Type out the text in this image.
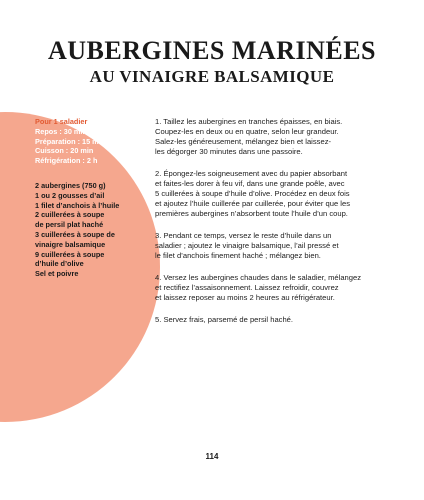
AUBERGINES MARINÉES
AU VINAIGRE BALSAMIQUE
Pour 1 saladier
Repos : 30 min
Préparation : 15 min
Cuisson : 20 min
Réfrigération : 2 h
2 aubergines (750 g)
1 ou 2 gousses d’ail
1 filet d’anchois à l’huile
2 cuillerées à soupe
de persil plat haché
3 cuillerées à soupe de
vinaigre balsamique
9 cuillerées à soupe
d’huile d’olive
Sel et poivre
1. Taillez les aubergines en tranches épaisses, en biais.
Coupez-les en deux ou en quatre, selon leur grandeur.
Salez-les généreusement, mélangez bien et laissez-
les dégorger 30 minutes dans une passoire.
2. Épongez-les soigneusement avec du papier absorbant
et faites-les dorer à feu vif, dans une grande poêle, avec
5 cuillerées à soupe d’huile d’olive. Procédez en deux fois
et ajoutez l’huile cuillerée par cuillerée, pour éviter que les
premières aubergines n’absorbent toute l’huile d’un coup.
3. Pendant ce temps, versez le reste d’huile dans un
saladier ; ajoutez le vinaigre balsamique, l’ail pressé et
le filet d’anchois finement haché ; mélangez bien.
4. Versez les aubergines chaudes dans le saladier, mélangez
et rectifiez l’assaisonnement. Laissez refroidir, couvrez
et laissez reposer au moins 2 heures au réfrigérateur.
5. Servez frais, parsemé de persil haché.
114
